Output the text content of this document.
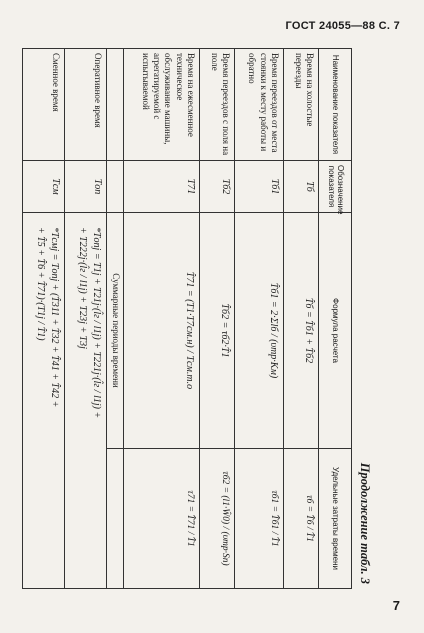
ГОСТ 24055—88 С. 7
Продолжение табл. 3
Наименование показателя	Обозначение показателя	Формула расчета	Удельные затраты времени
Время на холостые переезды	Tб	T̂б = T̂б1 + T̂б2	τб = T̂б / T̂1
Время переездов от места стоянки к месту работы и обратно	Tб1	T̂б1 = 2·Σlб / (υтр·Kм)	τб1 = T̂б1 / T̂1
Время переездов с поля на поле	Tб2	T̂б2 = τб2·T̂1	τб2 = (l1·Ŵ0) / (υтр·Sп)
Время на ежесменное техническое обслуживание машины, агрегатируемой с испытываемой	T71	T̂71 = (T1·T7см.н) / Tсм.т.о	τ71 = T̂71 / T̂1
		Суммарные периоды времени	
Оперативное время	Tоп	*Tопj = T1j + T21j·(l̂г / l1j) + T221j·(l̂г / l1j) +
+ T222j·(l̂г / l1j) + T23j + T3j	

Сменное время	Tсм	*Tсмj = Tопj + (T̂311 + T̂32 + T̂41 + T̂42 +
+ T̂5 + T̂6 + T̂71)·(T1j / T̂1)	
7
